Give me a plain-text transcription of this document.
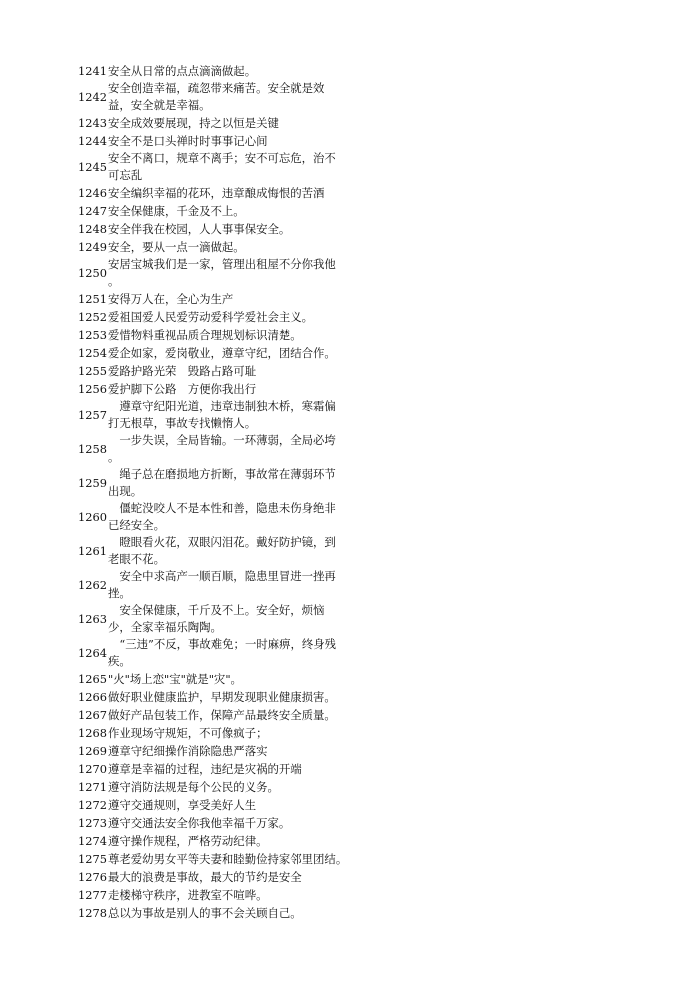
1241 安全从日常的点点滴滴做起。
1242
安全创造幸福，疏忽带来痛苦。安全就是效
益，安全就是幸福。
1243 安全成效要展现，持之以恒是关键
1244 安全不是口头禅时时事事记心间
1245
安全不离口，规章不离手；安不可忘危，治不
可忘乱
1246 安全编织幸福的花环，违章酿成悔恨的苦酒
1247 安全保健康，千金及不上。
1248 安全伴我在校园，人人事事保安全。
1249 安全，要从一点一滴做起。
1250
安居宝城我们是一家，管理出租屋不分你我他
。
1251 安得万人在，全心为生产
1252 爱祖国爱人民爱劳动爱科学爱社会主义。
1253 爱惜物料重视品质合理规划标识清楚。
1254 爱企如家，爱岗敬业，遵章守纪，团结合作。
1255 爱路护路光荣　毁路占路可耻
1256 爱护脚下公路　方便你我出行
1257
　遵章守纪阳光道，违章违制独木桥，寒霜偏
打无根草，事故专找懒惰人。
1258
　一步失误，全局皆输。一环薄弱，全局必垮
。
1259
　绳子总在磨损地方折断，事故常在薄弱环节
出现。
1260
　僵蛇没咬人不是本性和善，隐患未伤身绝非
已经安全。
1261
　瞪眼看火花，双眼闪泪花。戴好防护镜，到
老眼不花。
1262
　安全中求高产一顺百顺，隐患里冒进一挫再
挫。
1263
　安全保健康，千斤及不上。安全好，烦恼
少，全家幸福乐陶陶。
1264
　“三违”不反，事故难免；一时麻痹，终身残
疾。
1265 "火"场上恋"宝"就是"灾"。
1266 做好职业健康监护，早期发现职业健康损害。
1267 做好产品包装工作，保障产品最终安全质量。
1268 作业现场守规矩，不可像疯子；
1269 遵章守纪细操作消除隐患严落实
1270 遵章是幸福的过程，违纪是灾祸的开端
1271 遵守消防法规是每个公民的义务。
1272 遵守交通规则，享受美好人生
1273 遵守交通法安全你我他幸福千万家。
1274 遵守操作规程，严格劳动纪律。
1275 尊老爱幼男女平等夫妻和睦勤俭持家邻里团结。
1276 最大的浪费是事故，最大的节约是安全
1277 走楼梯守秩序，进教室不喧哗。
1278 总以为事故是别人的事不会关顾自己。
